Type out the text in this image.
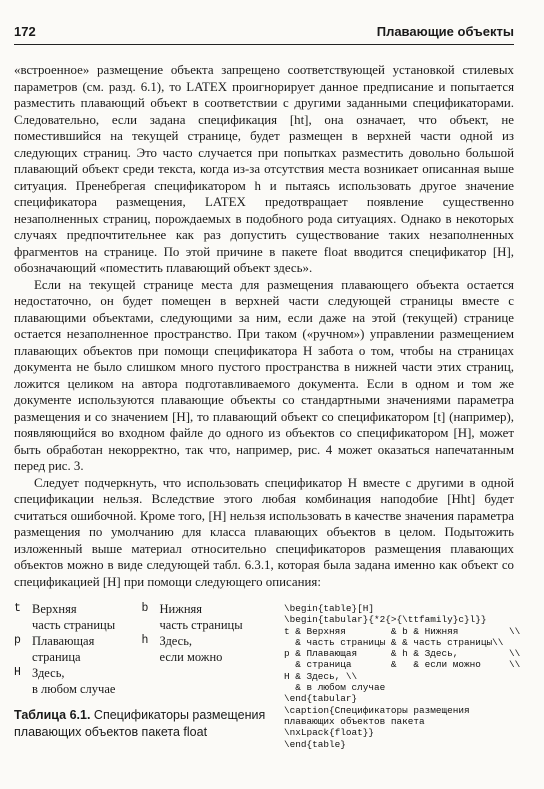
172	Плавающие объекты

«встроенное» размещение объекта запрещено соответствующей установкой стилевых параметров (см. разд. 6.1), то LATEX проигнорирует данное предписание и попытается разместить плавающий объект в соответствии с другими заданными спецификаторами. Следовательно, если задана спецификация [ht], она означает, что объект, не поместившийся на текущей странице, будет размещен в верхней части одной из следующих страниц. Это часто случается при попытках разместить довольно большой плавающий объект среди текста, когда из-за отсутствия места возникает описанная выше ситуация. Пренебрегая спецификатором h и пытаясь использовать другое значение спецификатора размещения, LATEX предотвращает появление существенно незаполненных страниц, порождаемых в подобного рода ситуациях. Однако в некоторых случаях предпочтительнее как раз допустить существование таких незаполненных фрагментов на странице. По этой причине в пакете float вводится спецификатор [H], обозначающий «поместить плавающий объект здесь».

Если на текущей странице места для размещения плавающего объекта остается недостаточно, он будет помещен в верхней части следующей страницы вместе с плавающими объектами, следующими за ним, если даже на этой (текущей) странице остается незаполненное пространство. При таком («ручном») управлении размещением плавающих объектов при помощи спецификатора H забота о том, чтобы на страницах документа не было слишком много пустого пространства в нижней части этих страниц, ложится целиком на автора подготавливаемого документа. Если в одном и том же документе используются плавающие объекты со стандартными значениями параметра размещения и со значением [H], то плавающий объект со спецификатором [t] (например), появляющийся во входном файле до одного из объектов со спецификатором [H], может быть обработан некорректно, так что, например, рис. 4 может оказаться напечатанным перед рис. 3.

Следует подчеркнуть, что использовать спецификатор H вместе с другими в одной спецификации нельзя. Вследствие этого любая комбинация наподобие [Hht] будет считаться ошибочной. Кроме того, [H] нельзя использовать в качестве значения параметра размещения по умолчанию для класса плавающих объектов в целом. Подытожить изложенный выше материал относительно спецификаторов размещения плавающих объектов можно в виде следующей табл. 6.3.1, которая была задана именно как объект со спецификацией [H] при помощи следующего описания:

t Верхняя
часть страницы
b Нижняя
часть страницы
p Плавающая
страница
h Здесь,
если можно
H Здесь,
в любом случае
Таблица 6.1. Спецификаторы размещения плавающих объектов пакета float
\begin{table}[H]
\begin{tabular}{*2{>{\ttfamily}c}l}}
t & Верхняя        & b & Нижняя         \\
& часть страницы & & часть страницы\\
p & Плавающая      & h & Здесь,         \\
& страница       &   & если можно     \\
H & Здесь, \\
& в любом случае
\end{tabular}
\caption{Спецификаторы размещения
плавающих объектов пакета
\nxLpack{float}}
\end{table}
